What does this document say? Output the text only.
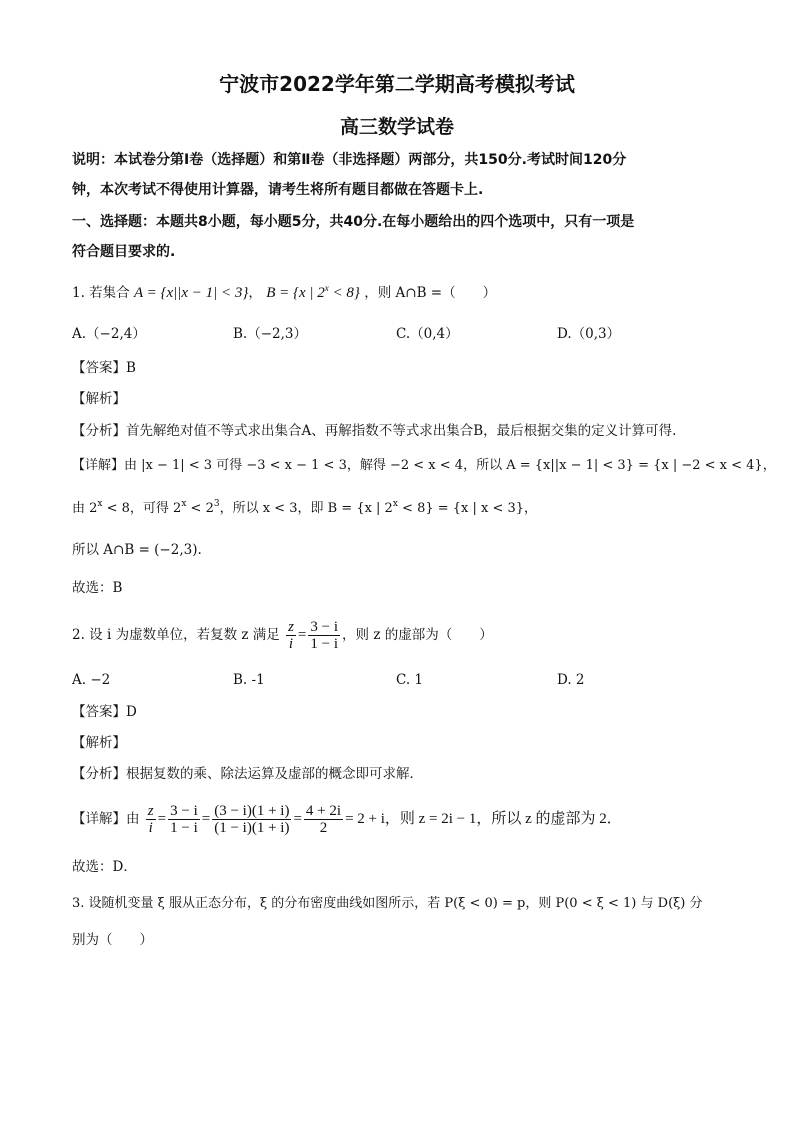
宁波市2022学年第二学期高考模拟考试
高三数学试卷
说明：本试卷分第Ⅰ卷（选择题）和第Ⅱ卷（非选择题）两部分，共150分.考试时间120分
钟，本次考试不得使用计算器，请考生将所有题目都做在答题卡上.
一、选择题：本题共8小题，每小题5分，共40分.在每小题给出的四个选项中，只有一项是
符合题目要求的.
1. 若集合 A = {x||x − 1| < 3}， B = {x | $2^x < 8$} ，则 A∩B =（　　）
A.（−2,4）	B.（−2,3）	C.（0,4）	D.（0,3）
【答案】B
【解析】
【分析】首先解绝对值不等式求出集合A、再解指数不等式求出集合B，最后根据交集的定义计算可得.
【详解】由 |x − 1| < 3 可得 −3 < x − 1 < 3，解得 −2 < x < 4，所以 A = {x||x − 1| < 3} = {x | −2 < x < 4}，
由 $2^x < 8$，可得 $2^x < 2^3$，所以 x < 3，即 B = {x | $2^x < 8\} = \{x$ | x < 3}，
所以 A∩B = (−2,3).
故选：B
2. 设 i 为虚数单位，若复数 z 满足 $\frac{z}{i} = \frac{3 - i}{1 - i}$ ，则 z 的虚部为（　　）
A. −2	B. -1	C. 1	D. 2
【答案】D
【解析】
【分析】根据复数的乘、除法运算及虚部的概念即可求解．
【详解】由 $\frac{z}{i} = \frac{3 - i}{1 - i} = \frac{(3 - i)(1 + i)}{(1 - i)(1 + i)} = \frac{4 + 2i}{2} = 2 + i$，则 z = 2i − 1，所以 z 的虚部为 2．
故选：D．
3. 设随机变量 ξ 服从正态分布，ξ 的分布密度曲线如图所示，若 P(ξ < 0) = p，则 P(0 < ξ < 1) 与 D(ξ) 分
别为（　　）
